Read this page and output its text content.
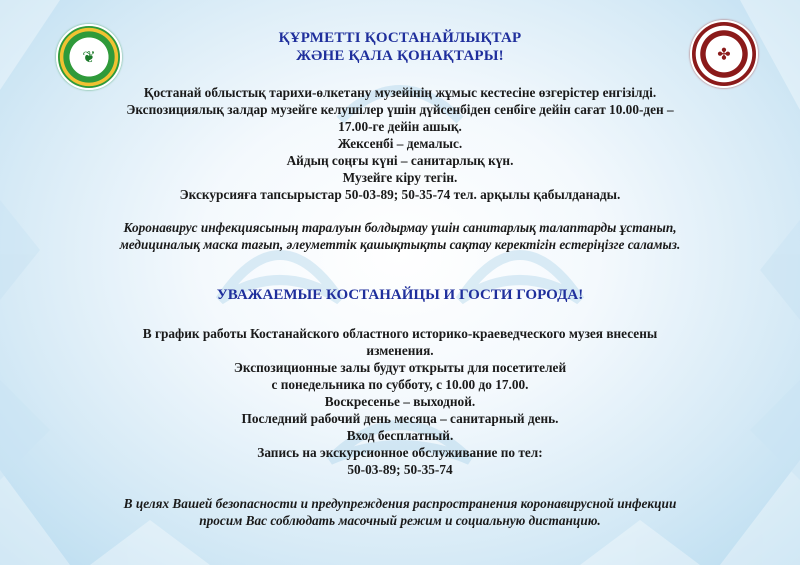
❦	✤
ҚҰРМЕТТІ ҚОСТАНАЙЛЫҚТАР
ЖӘНЕ ҚАЛА ҚОНАҚТАРЫ!
Қостанай облыстық тарихи-өлкетану музейінің жұмыс кестесіне өзгерістер енгізілді.
Экспозициялық залдар музейге келушілер үшін дүйсенбіден сенбіге дейін сағат 10.00-ден –
17.00-ге дейін ашық.
Жексенбі – демалыс.
Айдың соңғы күні – санитарлық күн.
Музейге кіру тегін.
Экскурсияға тапсырыстар 50-03-89; 50-35-74 тел. арқылы қабылданады.
Коронавирус инфекциясының таралуын болдырмау үшін санитарлық талаптарды ұстанып,
медициналық маска тағып, әлеуметтік қашықтықты сақтау керектігін естеріңізге саламыз.
УВАЖАЕМЫЕ КОСТАНАЙЦЫ И ГОСТИ ГОРОДА!
В график работы Костанайского областного историко-краеведческого музея внесены
изменения.
Экспозиционные залы будут открыты для посетителей
с понедельника по субботу, с 10.00 до 17.00.
Воскресенье – выходной.
Последний рабочий день месяца – санитарный день.
Вход бесплатный.
Запись на экскурсионное обслуживание по тел:
50-03-89; 50-35-74
В целях Вашей безопасности и предупреждения распространения коронавирусной инфекции
просим Вас соблюдать масочный режим и социальную дистанцию.
